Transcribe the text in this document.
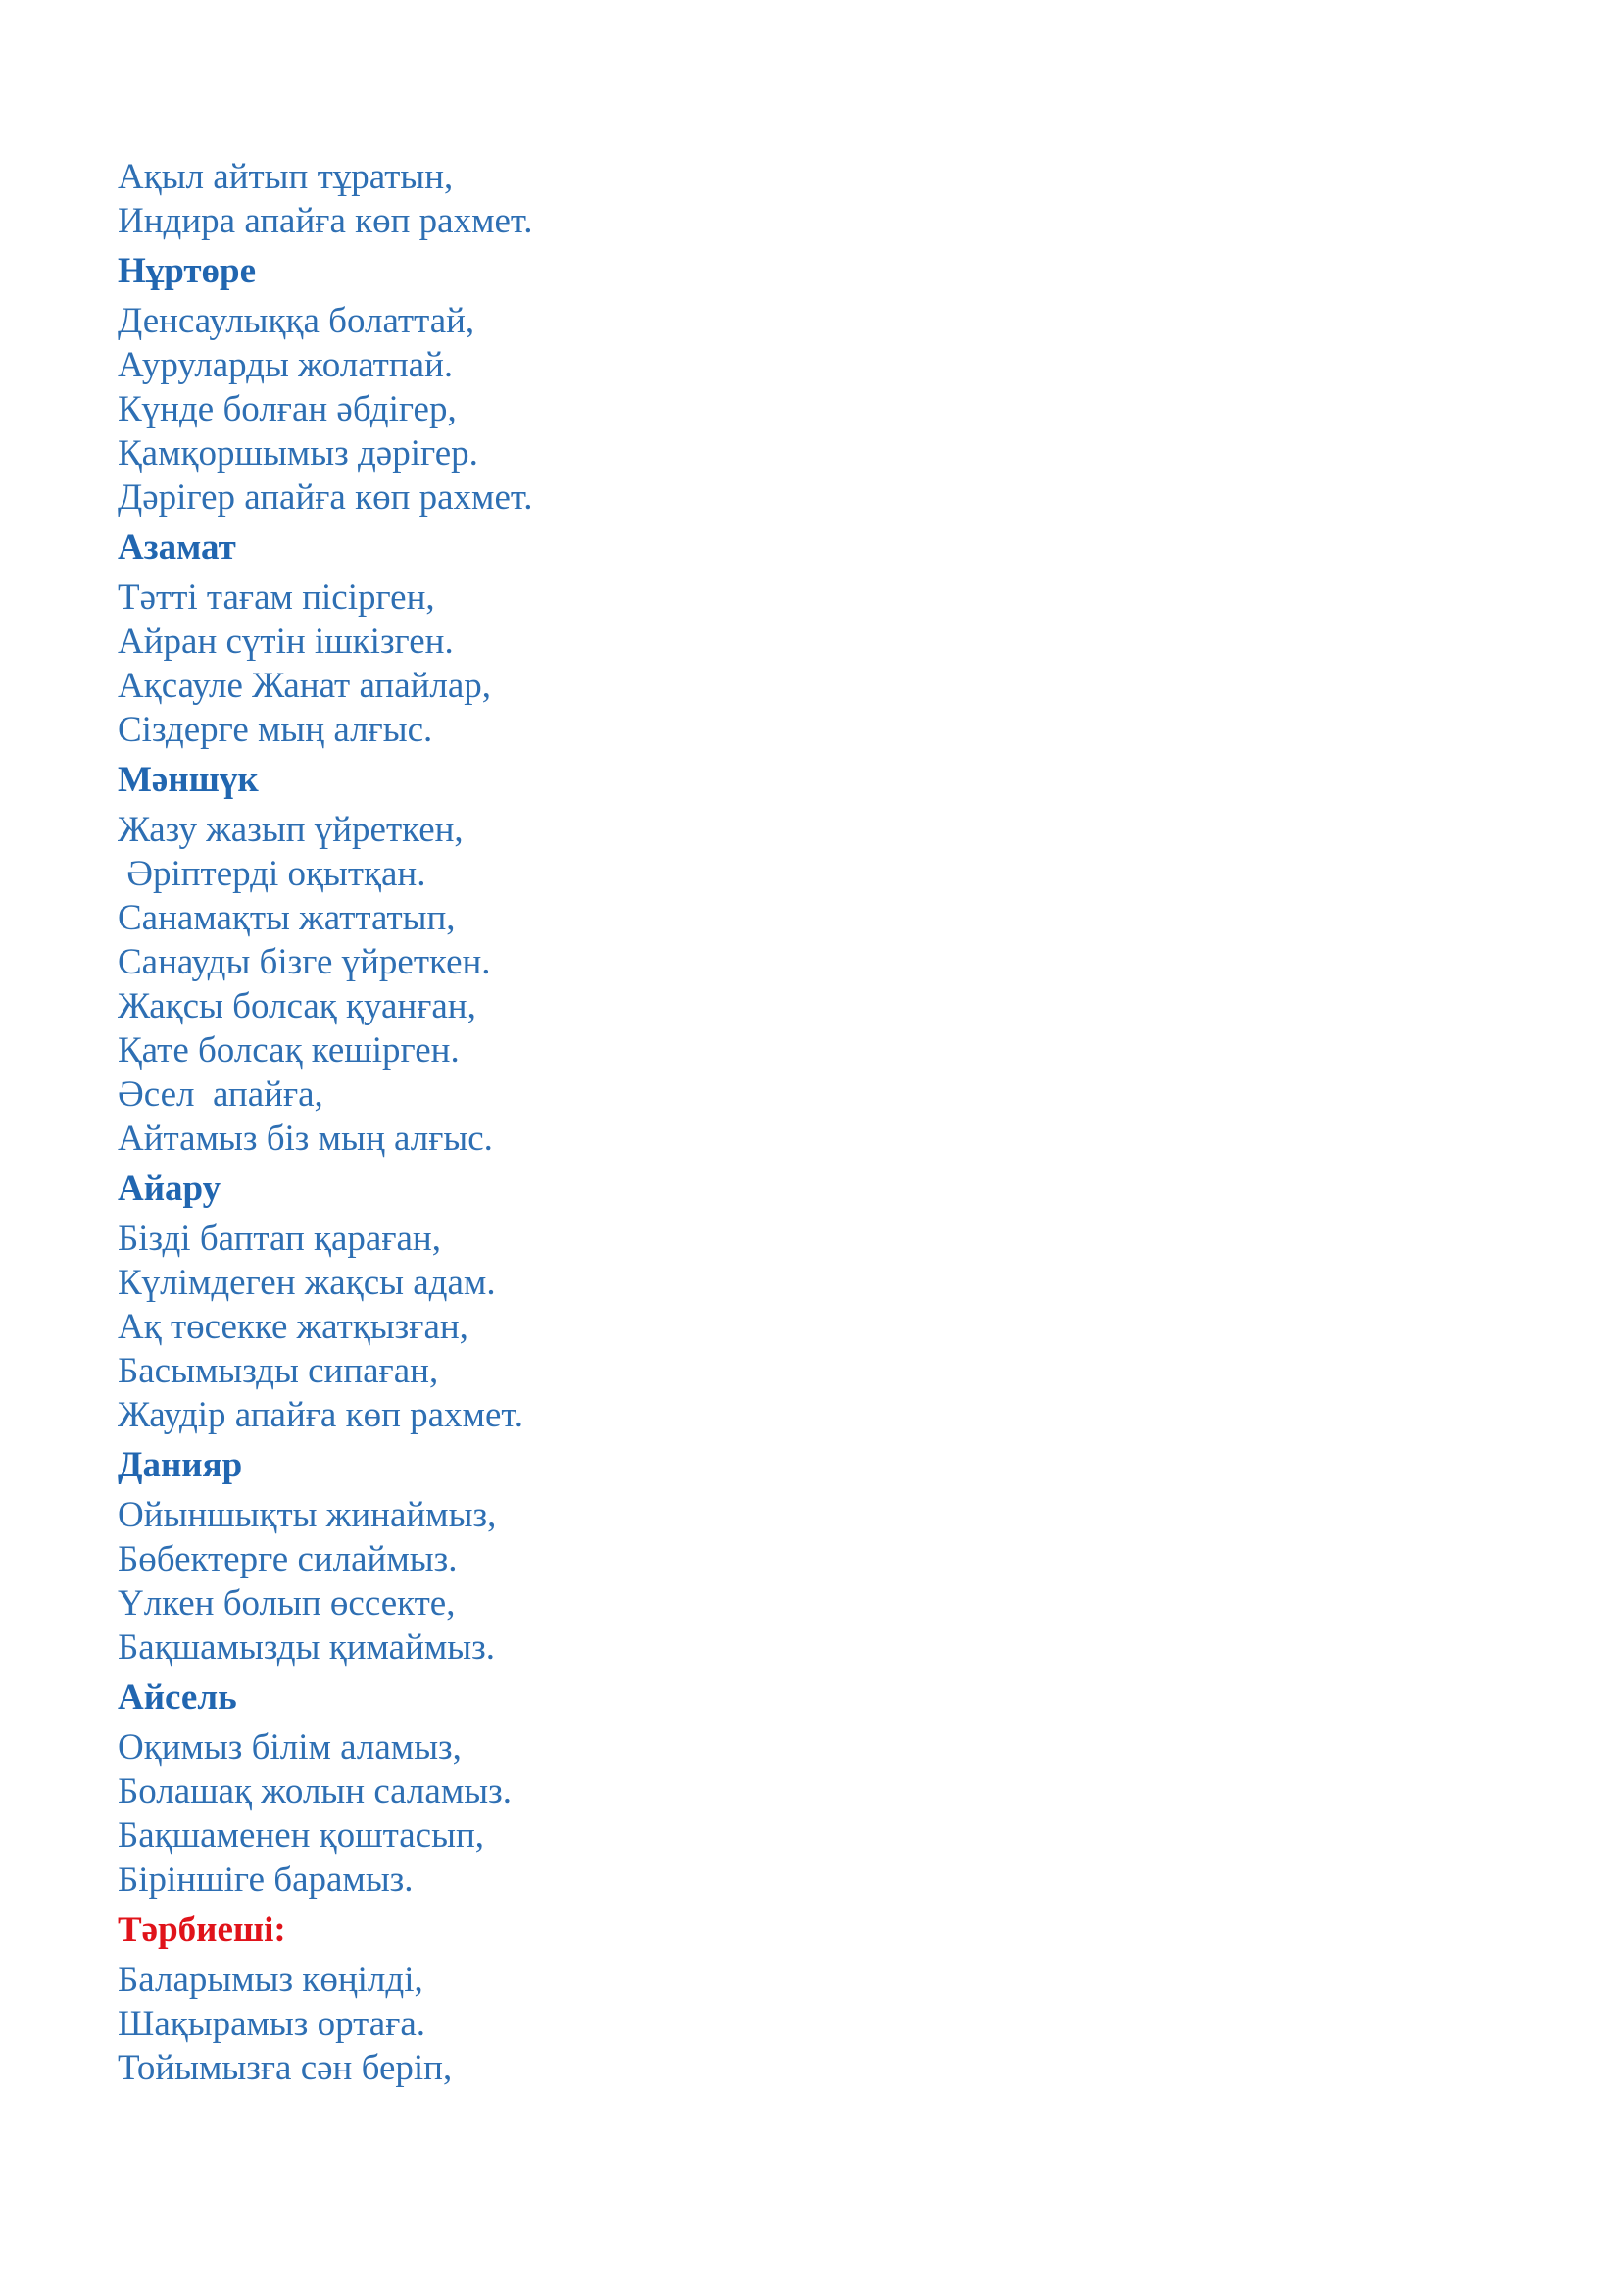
Ақыл айтып тұратын,
Индира апайға көп рахмет.
Нұртөре
Денсаулыққа болаттай,
Ауруларды жолатпай.
Күнде болған әбдігер,
Қамқоршымыз дәрігер.
Дәрігер апайға көп рахмет.
Азамат
Тәтті тағам пісірген,
Айран сүтін ішкізген.
Ақсауле Жанат апайлар,
Сіздерге мың алғыс.
Мәншүк
Жазу жазып үйреткен,
Әріптерді оқытқан.
Санамақты жаттатып,
Санауды бізге үйреткен.
Жақсы болсақ қуанған,
Қате болсақ кешірген.
Әсел  апайға,
Айтамыз біз мың алғыс.
Айару
Бізді баптап қараған,
Күлімдеген жақсы адам.
Ақ төсекке жатқызған,
Басымызды сипаған,
Жаудір апайға көп рахмет.
Данияр
Ойыншықты жинаймыз,
Бөбектерге силаймыз.
Үлкен болып өссекте,
Бақшамызды қимаймыз.
Айсель
Оқимыз білім аламыз,
Болашақ жолын саламыз.
Бақшаменен қоштасып,
Біріншіге барамыз.
Тәрбиеші:
Баларымыз көңілді,
Шақырамыз ортаға.
Тойымызға сән беріп,
